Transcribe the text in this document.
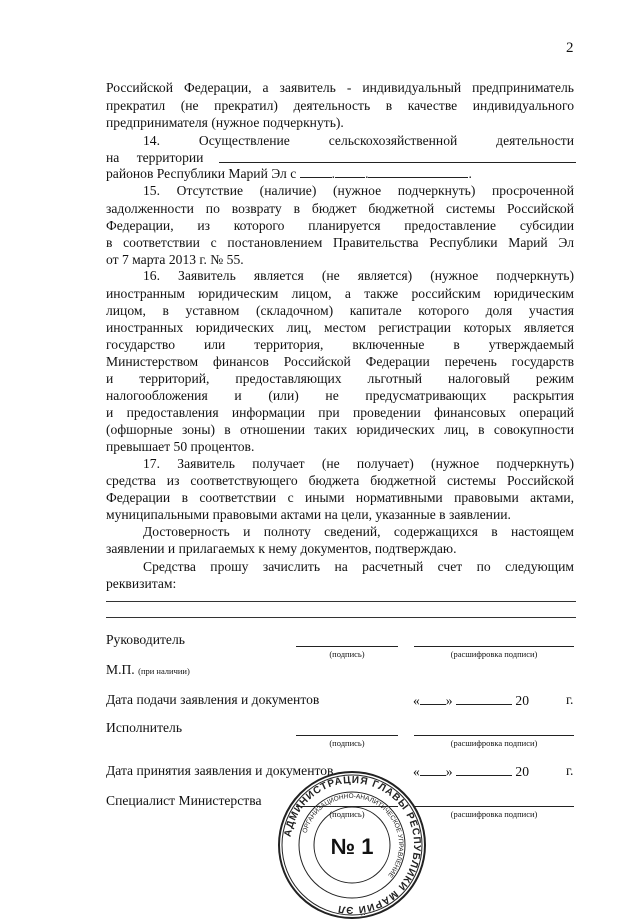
2
Российской Федерации, а заявитель - индивидуальный предприниматель
прекратил (не прекратил) деятельность в качестве индивидуального
предпринимателя (нужное подчеркнуть).
14. Осуществление сельскохозяйственной деятельности
на территории
районов Республики Марий Эл с	. .	.
15. Отсутствие (наличие) (нужное подчеркнуть) просроченной
задолженности по возврату в бюджет бюджетной системы Российской
Федерации, из которого планируется предоставление субсидии
в соответствии с постановлением Правительства Республики Марий Эл
от 7 марта 2013 г. № 55.
16. Заявитель является (не является) (нужное подчеркнуть)
иностранным юридическим лицом, а также российским юридическим
лицом, в уставном (складочном) капитале которого доля участия
иностранных юридических лиц, местом регистрации которых является
государство или территория, включенные в утверждаемый
Министерством финансов Российской Федерации перечень государств
и территорий, предоставляющих льготный налоговый режим
налогообложения и (или) не предусматривающих раскрытия
и предоставления информации при проведении финансовых операций
(офшорные зоны) в отношении таких юридических лиц, в совокупности
превышает 50 процентов.
17. Заявитель получает (не получает) (нужное подчеркнуть)
средства из соответствующего бюджета бюджетной системы Российской
Федерации в соответствии с иными нормативными правовыми актами,
муниципальными правовыми актами на цели, указанные в заявлении.
Достоверность и полноту сведений, содержащихся в настоящем
заявлении и прилагаемых к нему документов, подтверждаю.
Средства прошу зачислить на расчетный счет по следующим
реквизитам:
Руководитель
(подпись)	(расшифровка подписи)
М.П. (при наличии)
Дата подачи заявления и документов	« »	20	г.
Исполнитель
(подпись)	(расшифровка подписи)
Дата принятия заявления и документов	« »	20	г.
Специалист Министерства
(подпись)	(расшифровка подписи)
АДМИНИСТРАЦИЯ ГЛАВЫ РЕСПУБЛИКИ МАРИЙ ЭЛ
ОРГАНИЗАЦИОННО-АНАЛИТИЧЕСКОЕ УПРАВЛЕНИЕ
№ 1
